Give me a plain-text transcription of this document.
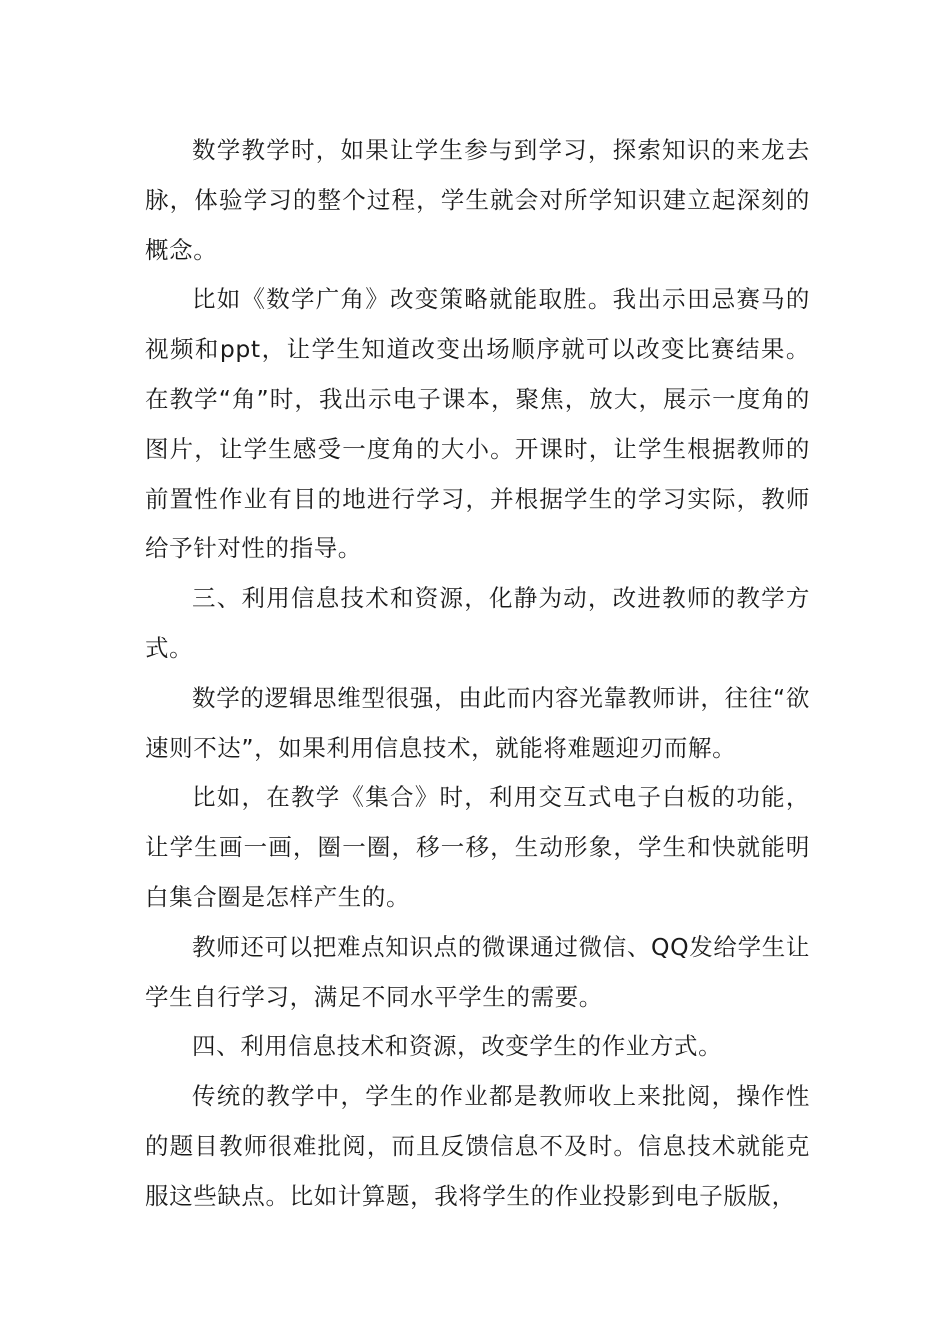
数学教学时，如果让学生参与到学习，探索知识的来龙去脉，体验学习的整个过程，学生就会对所学知识建立起深刻的概念。

比如《数学广角》改变策略就能取胜。我出示田忌赛马的视频和ppt，让学生知道改变出场顺序就可以改变比赛结果。在教学“角”时，我出示电子课本，聚焦，放大，展示一度角的图片，让学生感受一度角的大小。开课时，让学生根据教师的前置性作业有目的地进行学习，并根据学生的学习实际，教师给予针对性的指导。

三、利用信息技术和资源，化静为动，改进教师的教学方式。

数学的逻辑思维型很强，由此而内容光靠教师讲，往往“欲速则不达”，如果利用信息技术，就能将难题迎刃而解。

比如，在教学《集合》时，利用交互式电子白板的功能，让学生画一画，圈一圈，移一移，生动形象，学生和快就能明白集合圈是怎样产生的。

教师还可以把难点知识点的微课通过微信、QQ发给学生让学生自行学习，满足不同水平学生的需要。

四、利用信息技术和资源，改变学生的作业方式。

传统的教学中，学生的作业都是教师收上来批阅，操作性的题目教师很难批阅，而且反馈信息不及时。信息技术就能克服这些缺点。比如计算题，我将学生的作业投影到电子版版，
